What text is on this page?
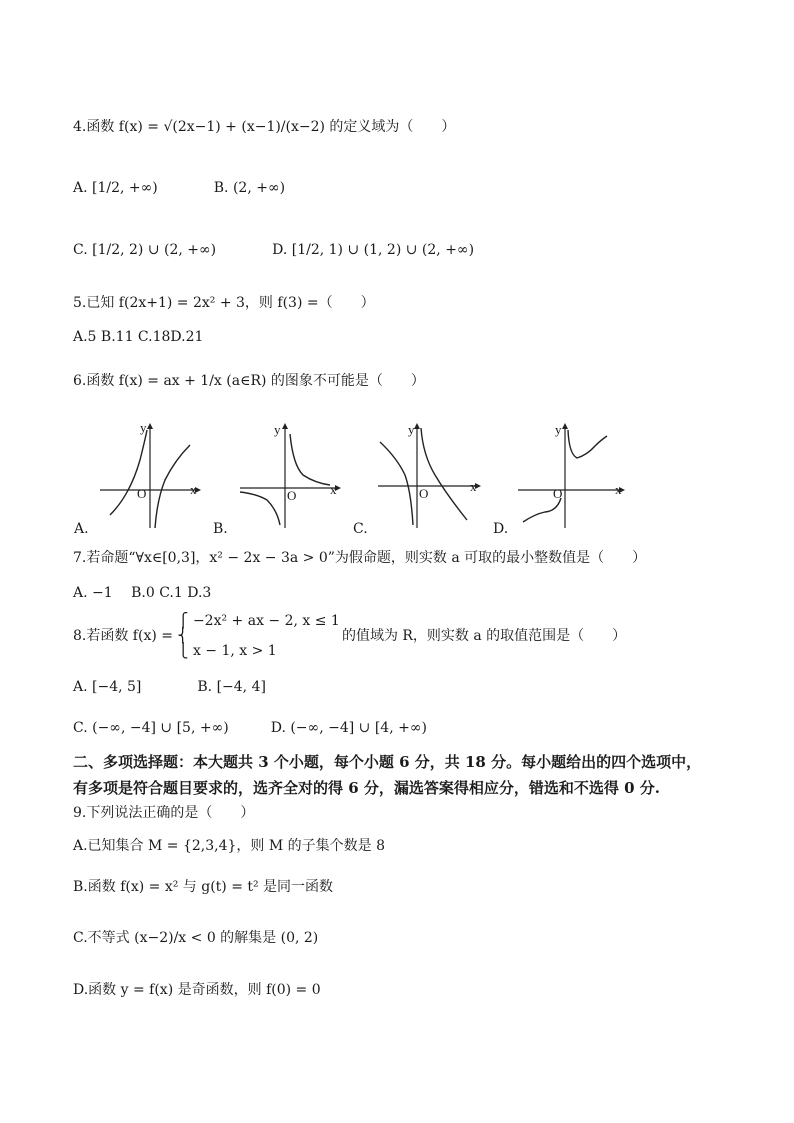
4.函数 f(x) = √(2x−1) + (x−1)/(x−2) 的定义域为（　　）
A. [1/2, +∞)　　　　B. (2, +∞)
C. [1/2, 2) ∪ (2, +∞)　　　　D. [1/2, 1) ∪ (1, 2) ∪ (2, +∞)
5.已知 f(2x+1) = 2x² + 3，则 f(3) =（　　）
A.5 B.11 C.18D.21
6.函数 f(x) = ax + 1/x (a∈R) 的图象不可能是（　　）
y
x
O
A.
y
x
O
B.
y
x
O
C.
y
x
O
D.
7.若命题“∀x∈[0,3]，x² − 2x − 3a > 0”为假命题，则实数 a 可取的最小整数值是（　　）
A. −1　 B.0 C.1 D.3
⎧ −2x² + ax − 2, x ≤ 1
8.若函数 f(x) = ⎨　　　　　　　　　　　的值域为 R，则实数 a 的取值范围是（　　）
⎩ x − 1, x > 1
A. [−4, 5]　　　　B. [−4, 4]
C. (−∞, −4] ∪ [5, +∞)　　　D. (−∞, −4] ∪ [4, +∞)
二、多项选择题：本大题共 3 个小题，每个小题 6 分，共 18 分。每小题给出的四个选项中，
有多项是符合题目要求的，选齐全对的得 6 分，漏选答案得相应分，错选和不选得 0 分.
9.下列说法正确的是（　　）
A.已知集合 M = {2,3,4}，则 M 的子集个数是 8
B.函数 f(x) = x² 与 g(t) = t² 是同一函数
C.不等式 (x−2)/x < 0 的解集是 (0, 2)
D.函数 y = f(x) 是奇函数，则 f(0) = 0
